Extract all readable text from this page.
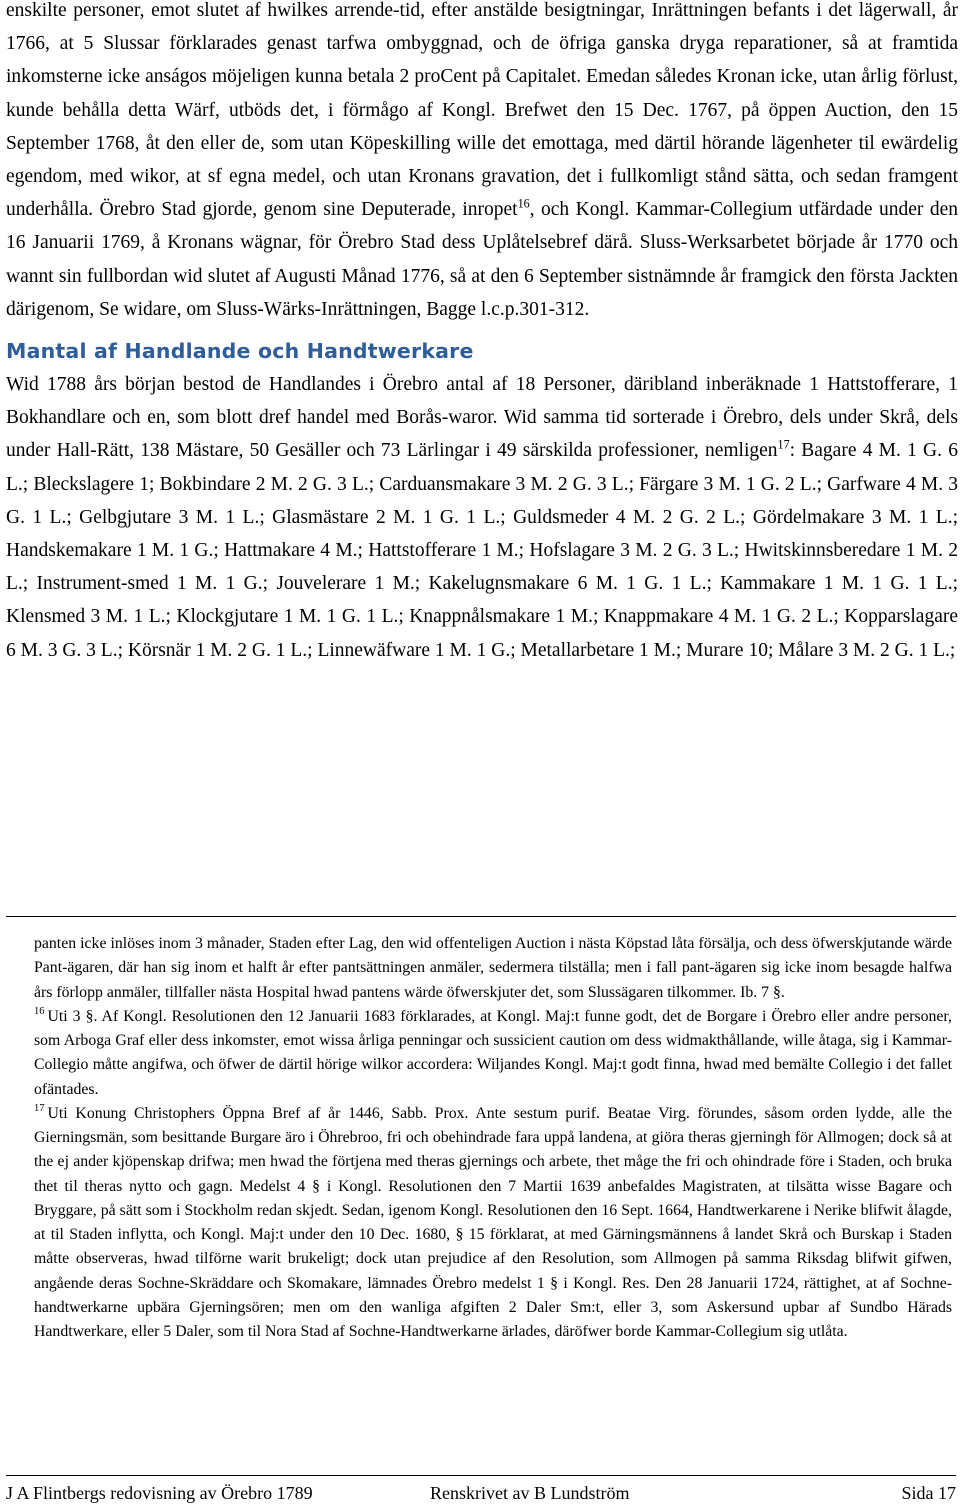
enskilte personer, emot slutet af hwilkes arrende-tid, efter anstälde besigtningar, Inrättningen befants i det lägerwall, år 1766, at 5 Slussar förklarades genast tarfwa ombyggnad, och de öfriga ganska dryga reparationer, så at framtida inkomsterne icke anságos möjeligen kunna betala 2 proCent på Capitalet. Emedan således Kronan icke, utan årlig förlust, kunde behålla detta Wärf, utböds det, i förmågo af Kongl. Brefwet den 15 Dec. 1767, på öppen Auction, den 15 September 1768, åt den eller de, som utan Köpeskilling wille det emottaga, med därtil hörande lägenheter til ewärdelig egendom, med wikor, at sf egna medel, och utan Kronans gravation, det i fullkomligt stånd sätta, och sedan framgent underhålla. Örebro Stad gjorde, genom sine Deputerade, inropet$^{16}$, och Kongl. Kammar-Collegium utfärdade under den 16 Januarii 1769, å Kronans wägnar, för Örebro Stad dess Uplåtelsebref därå. Sluss-Werksarbetet började år 1770 och wannt sin fullbordan wid slutet af Augusti Månad 1776, så at den 6 September sistnämnde år framgick den första Jackten därigenom, Se widare, om Sluss-Wärks-Inrättningen, Bagge l.c.p.301-312.

Mantal af Handlande och Handtwerkare

Wid 1788 års början bestod de Handlandes i Örebro antal af 18 Personer, däribland inberäknade 1 Hattstofferare, 1 Bokhandlare och en, som blott dref handel med Borås-waror. Wid samma tid sorterade i Örebro, dels under Skrå, dels under Hall-Rätt, 138 Mästare, 50 Gesäller och 73 Lärlingar i 49 särskilda professioner, nemligen$^{17}$: Bagare 4 M. 1 G. 6 L.; Bleckslagere 1; Bokbindare 2 M. 2 G. 3 L.; Carduansmakare 3 M. 2 G. 3 L.; Färgare 3 M. 1 G. 2 L.; Garfware 4 M. 3 G. 1 L.; Gelbgjutare 3 M. 1 L.; Glasmästare 2 M. 1 G. 1 L.; Guldsmeder 4 M. 2 G. 2 L.; Gördelmakare 3 M. 1 L.; Handskemakare 1 M. 1 G.; Hattmakare 4 M.; Hattstofferare 1 M.; Hofslagare 3 M. 2 G. 3 L.; Hwitskinnsberedare 1 M. 2 L.; Instrument-smed 1 M. 1 G.; Jouvelerare 1 M.; Kakelugnsmakare 6 M. 1 G. 1 L.; Kammakare 1 M. 1 G. 1 L.; Klensmed 3 M. 1 L.; Klockgjutare 1 M. 1 G. 1 L.; Knappnålsmakare 1 M.; Knappmakare 4 M. 1 G. 2 L.; Kopparslagare 6 M. 3 G. 3 L.; Körsnär 1 M. 2 G. 1 L.; Linnewäfware 1 M. 1 G.; Metallarbetare 1 M.; Murare 10; Målare 3 M. 2 G. 1 L.;

panten icke inlöses inom 3 månader, Staden efter Lag, den wid offenteligen Auction i nästa Köpstad låta försälja, och dess öfwerskjutande wärde Pant-ägaren, där han sig inom et halft år efter pantsättningen anmäler, sedermera tilställa; men i fall pant-ägaren sig icke inom besagde halfwa års förlopp anmäler, tillfaller nästa Hospital hwad pantens wärde öfwerskjuter det, som Slussägaren tilkommer. Ib. 7 §.

$^{16}$ Uti 3 §. Af Kongl. Resolutionen den 12 Januarii 1683 förklarades, at Kongl. Maj:t funne godt, det de Borgare i Örebro eller andre personer, som Arboga Graf eller dess inkomster, emot wissa årliga penningar och sussicient caution om dess widmakthållande, wille åtaga, sig i Kammar-Collegio måtte angifwa, och öfwer de därtil hörige wilkor accordera: Wiljandes Kongl. Maj:t godt finna, hwad med bemälte Collegio i det fallet ofäntades.

$^{17}$ Uti Konung Christophers Öppna Bref af år 1446, Sabb. Prox. Ante sestum purif. Beatae Virg. förundes, såsom orden lydde, alle the Gierningsmän, som besittande Burgare äro i Öhrebroo, fri och obehindrade fara uppå landena, at giöra theras gjerningh för Allmogen; dock så at the ej ander kjöpenskap drifwa; men hwad the förtjena med theras gjernings och arbete, thet måge the fri och ohindrade före i Staden, och bruka thet til theras nytto och gagn. Medelst 4 § i Kongl. Resolutionen den 7 Martii 1639 anbefaldes Magistraten, at tilsätta wisse Bagare och Bryggare, på sätt som i Stockholm redan skjedt. Sedan, igenom Kongl. Resolutionen den 16 Sept. 1664, Handtwerkarene i Nerike blifwit ålagde, at til Staden inflytta, och Kongl. Maj:t under den 10 Dec. 1680, § 15 förklarat, at med Gärningsmännens å landet Skrå och Burskap i Staden måtte observeras, hwad tilförne warit brukeligt; dock utan prejudice af den Resolution, som Allmogen på samma Riksdag blifwit gifwen, angående deras Sochne-Skräddare och Skomakare, lämnades Örebro medelst 1 § i Kongl. Res. Den 28 Januarii 1724, rättighet, at af Sochne-handtwerkarne upbära Gjerningsören; men om den wanliga afgiften 2 Daler Sm:t, eller 3, som Askersund upbar af Sundbo Härads Handtwerkare, eller 5 Daler, som til Nora Stad af Sochne-Handtwerkarne ärlades, däröfwer borde Kammar-Collegium sig utlåta.

J A Flintbergs redovisning av Örebro 1789	Renskrivet av B Lundström	Sida 17
